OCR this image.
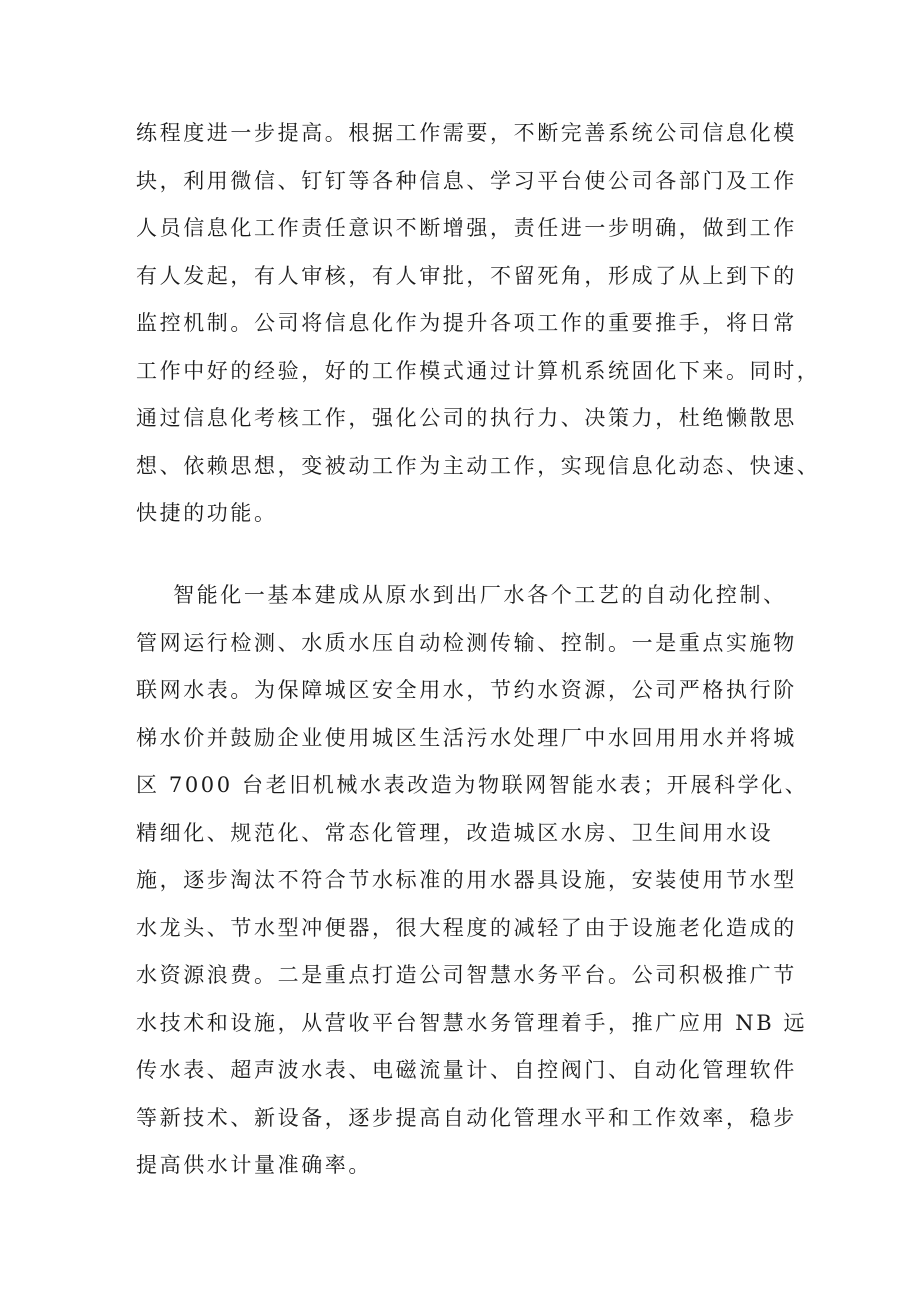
练程度进一步提高。根据工作需要，不断完善系统公司信息化模
块，利用微信、钉钉等各种信息、学习平台使公司各部门及工作
人员信息化工作责任意识不断增强，责任进一步明确，做到工作
有人发起，有人审核，有人审批，不留死角，形成了从上到下的
监控机制。公司将信息化作为提升各项工作的重要推手，将日常
工作中好的经验，好的工作模式通过计算机系统固化下来。同时，
通过信息化考核工作，强化公司的执行力、决策力，杜绝懒散思
想、依赖思想，变被动工作为主动工作，实现信息化动态、快速、
快捷的功能。
智能化一基本建成从原水到出厂水各个工艺的自动化控制、
管网运行检测、水质水压自动检测传输、控制。一是重点实施物
联网水表。为保障城区安全用水，节约水资源，公司严格执行阶
梯水价并鼓励企业使用城区生活污水处理厂中水回用用水并将城
区 7000 台老旧机械水表改造为物联网智能水表；开展科学化、
精细化、规范化、常态化管理，改造城区水房、卫生间用水设
施，逐步淘汰不符合节水标准的用水器具设施，安装使用节水型
水龙头、节水型冲便器，很大程度的减轻了由于设施老化造成的
水资源浪费。二是重点打造公司智慧水务平台。公司积极推广节
水技术和设施，从营收平台智慧水务管理着手，推广应用 NB 远
传水表、超声波水表、电磁流量计、自控阀门、自动化管理软件
等新技术、新设备，逐步提高自动化管理水平和工作效率，稳步
提高供水计量准确率。
